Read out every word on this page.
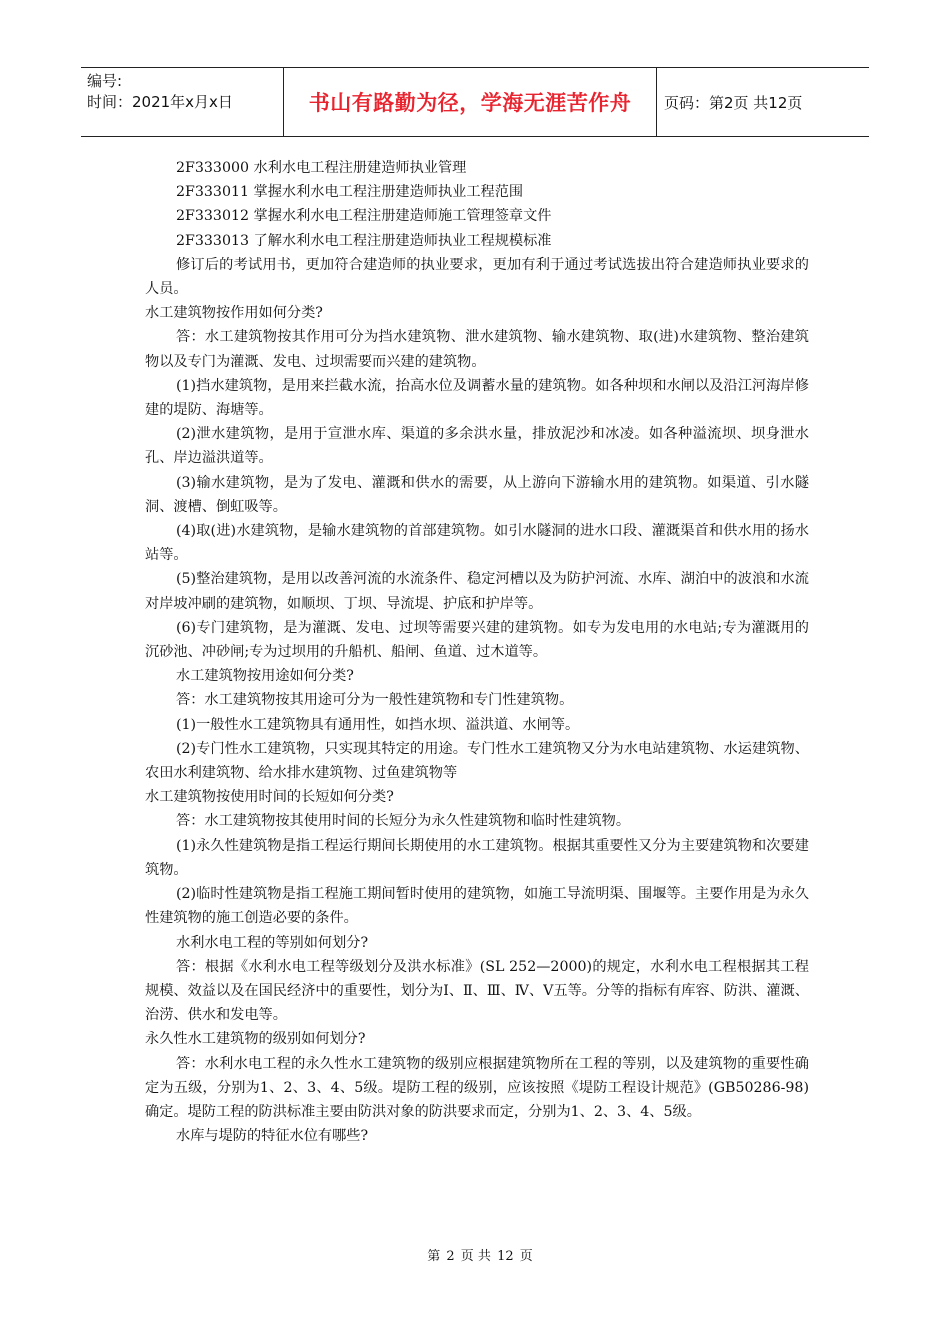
编号:
时间：2021年x月x日	书山有路勤为径，学海无涯苦作舟	页码：第2页 共12页

2F333000 水利水电工程注册建造师执业管理

2F333011 掌握水利水电工程注册建造师执业工程范围

2F333012 掌握水利水电工程注册建造师施工管理签章文件

2F333013 了解水利水电工程注册建造师执业工程规模标准

修订后的考试用书，更加符合建造师的执业要求，更加有利于通过考试选拔出符合建造师执业要求的人员。

水工建筑物按作用如何分类?

答：水工建筑物按其作用可分为挡水建筑物、泄水建筑物、输水建筑物、取(进)水建筑物、整治建筑物以及专门为灌溉、发电、过坝需要而兴建的建筑物。

(1)挡水建筑物，是用来拦截水流，抬高水位及调蓄水量的建筑物。如各种坝和水闸以及沿江河海岸修建的堤防、海塘等。

(2)泄水建筑物，是用于宣泄水库、渠道的多余洪水量，排放泥沙和冰凌。如各种溢流坝、坝身泄水孔、岸边溢洪道等。

(3)输水建筑物，是为了发电、灌溉和供水的需要，从上游向下游输水用的建筑物。如渠道、引水隧洞、渡槽、倒虹吸等。

(4)取(进)水建筑物，是输水建筑物的首部建筑物。如引水隧洞的进水口段、灌溉渠首和供水用的扬水站等。

(5)整治建筑物，是用以改善河流的水流条件、稳定河槽以及为防护河流、水库、湖泊中的波浪和水流对岸坡冲刷的建筑物，如顺坝、丁坝、导流堤、护底和护岸等。

(6)专门建筑物，是为灌溉、发电、过坝等需要兴建的建筑物。如专为发电用的水电站;专为灌溉用的沉砂池、冲砂闸;专为过坝用的升船机、船闸、鱼道、过木道等。

水工建筑物按用途如何分类?

答：水工建筑物按其用途可分为一般性建筑物和专门性建筑物。

(1)一般性水工建筑物具有通用性，如挡水坝、溢洪道、水闸等。

(2)专门性水工建筑物，只实现其特定的用途。专门性水工建筑物又分为水电站建筑物、水运建筑物、农田水利建筑物、给水排水建筑物、过鱼建筑物等

水工建筑物按使用时间的长短如何分类?

答：水工建筑物按其使用时间的长短分为永久性建筑物和临时性建筑物。

(1)永久性建筑物是指工程运行期间长期使用的水工建筑物。根据其重要性又分为主要建筑物和次要建筑物。

(2)临时性建筑物是指工程施工期间暂时使用的建筑物，如施工导流明渠、围堰等。主要作用是为永久性建筑物的施工创造必要的条件。

水利水电工程的等别如何划分?

答：根据《水利水电工程等级划分及洪水标准》(SL 252—2000)的规定，水利水电工程根据其工程规模、效益以及在国民经济中的重要性，划分为Ⅰ、Ⅱ、Ⅲ、Ⅳ、Ⅴ五等。分等的指标有库容、防洪、灌溉、治涝、供水和发电等。

永久性水工建筑物的级别如何划分?

答：水利水电工程的永久性水工建筑物的级别应根据建筑物所在工程的等别，以及建筑物的重要性确定为五级，分别为1、2、3、4、5级。堤防工程的级别，应该按照《堤防工程设计规范》(GB50286-98)确定。堤防工程的防洪标准主要由防洪对象的防洪要求而定，分别为1、2、3、4、5级。

水库与堤防的特征水位有哪些?

第 2 页 共 12 页
